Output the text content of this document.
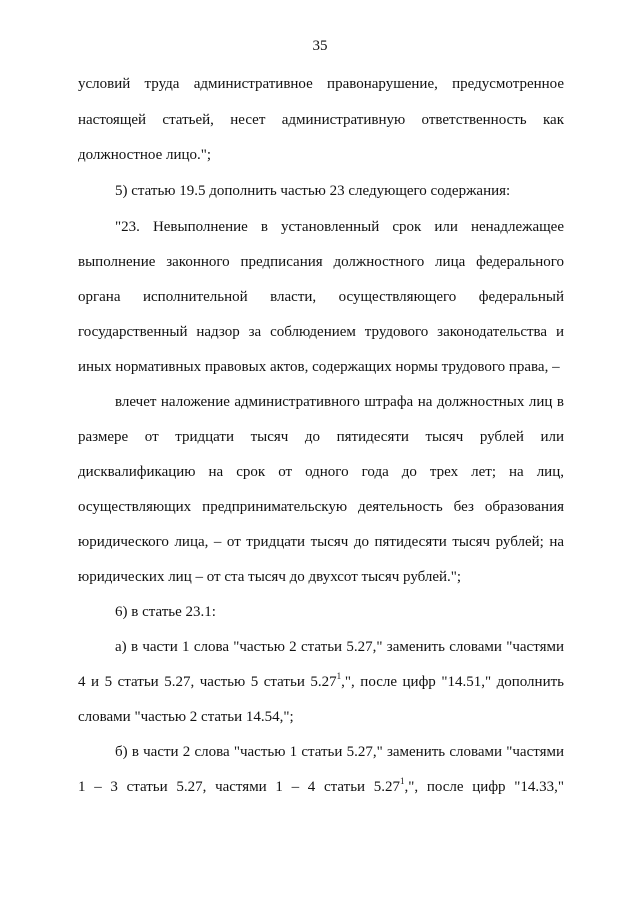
35
условий труда административное правонарушение, предусмотренное
настоящей статьей, несет административную ответственность как
должностное лицо.";
5) статью 19.5 дополнить частью 23 следующего содержания:
"23. Невыполнение в установленный срок или ненадлежащее
выполнение законного предписания должностного лица федерального
органа исполнительной власти, осуществляющего федеральный
государственный надзор за соблюдением трудового законодательства и
иных нормативных правовых актов, содержащих нормы трудового права, –
влечет наложение административного штрафа на должностных лиц в
размере от тридцати тысяч до пятидесяти тысяч рублей или
дисквалификацию на срок от одного года до трех лет; на лиц,
осуществляющих предпринимательскую деятельность без образования
юридического лица, – от тридцати тысяч до пятидесяти тысяч рублей; на
юридических лиц – от ста тысяч до двухсот тысяч рублей.";
6) в статье 23.1:
а) в части 1 слова "частью 2 статьи 5.27," заменить словами "частями
4 и 5 статьи 5.27, частью 5 статьи 5.27$^1$,", после цифр "14.51," дополнить
словами "частью 2 статьи 14.54,";
б) в части 2 слова "частью 1 статьи 5.27," заменить словами "частями
1 – 3 статьи 5.27, частями 1 – 4 статьи 5.27$^1$,", после цифр "14.33,"
